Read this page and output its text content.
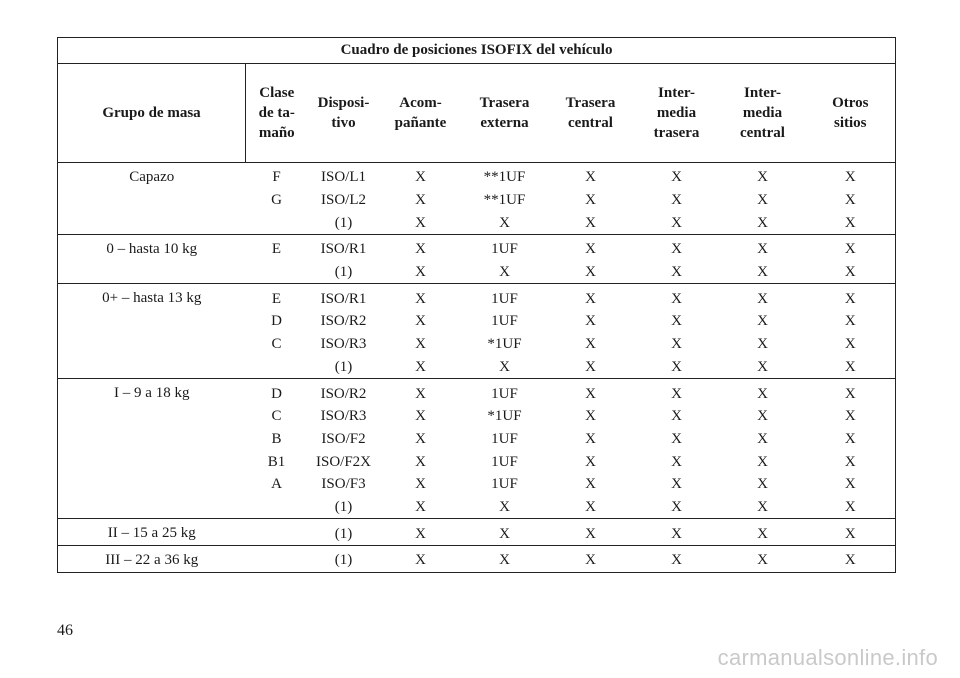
Cuadro de posiciones ISOFIX del vehículo								
Grupo de masa	Clase de ta- maño	Disposi- tivo	Acom- pañante	Trasera externa	Trasera central	Inter- media trasera	Inter- media central	Otros sitios

Capazo	F	ISO/L1	X	**1UF	X	X	X	X
	G	ISO/L2	X	**1UF	X	X	X	X
		(1)	X	X	X	X	X	X

0 – hasta 10 kg	E	ISO/R1	X	1UF	X	X	X	X
		(1)	X	X	X	X	X	X

0+ – hasta 13 kg	E	ISO/R1	X	1UF	X	X	X	X
	D	ISO/R2	X	1UF	X	X	X	X
	C	ISO/R3	X	*1UF	X	X	X	X
		(1)	X	X	X	X	X	X

I – 9 a 18 kg	D	ISO/R2	X	1UF	X	X	X	X
	C	ISO/R3	X	*1UF	X	X	X	X
	B	ISO/F2	X	1UF	X	X	X	X
	B1	ISO/F2X	X	1UF	X	X	X	X
	A	ISO/F3	X	1UF	X	X	X	X
		(1)	X	X	X	X	X	X

II – 15 a 25 kg		(1)	X	X	X	X	X	X

III – 22 a 36 kg		(1)	X	X	X	X	X	X
46
carmanualsonline.info
